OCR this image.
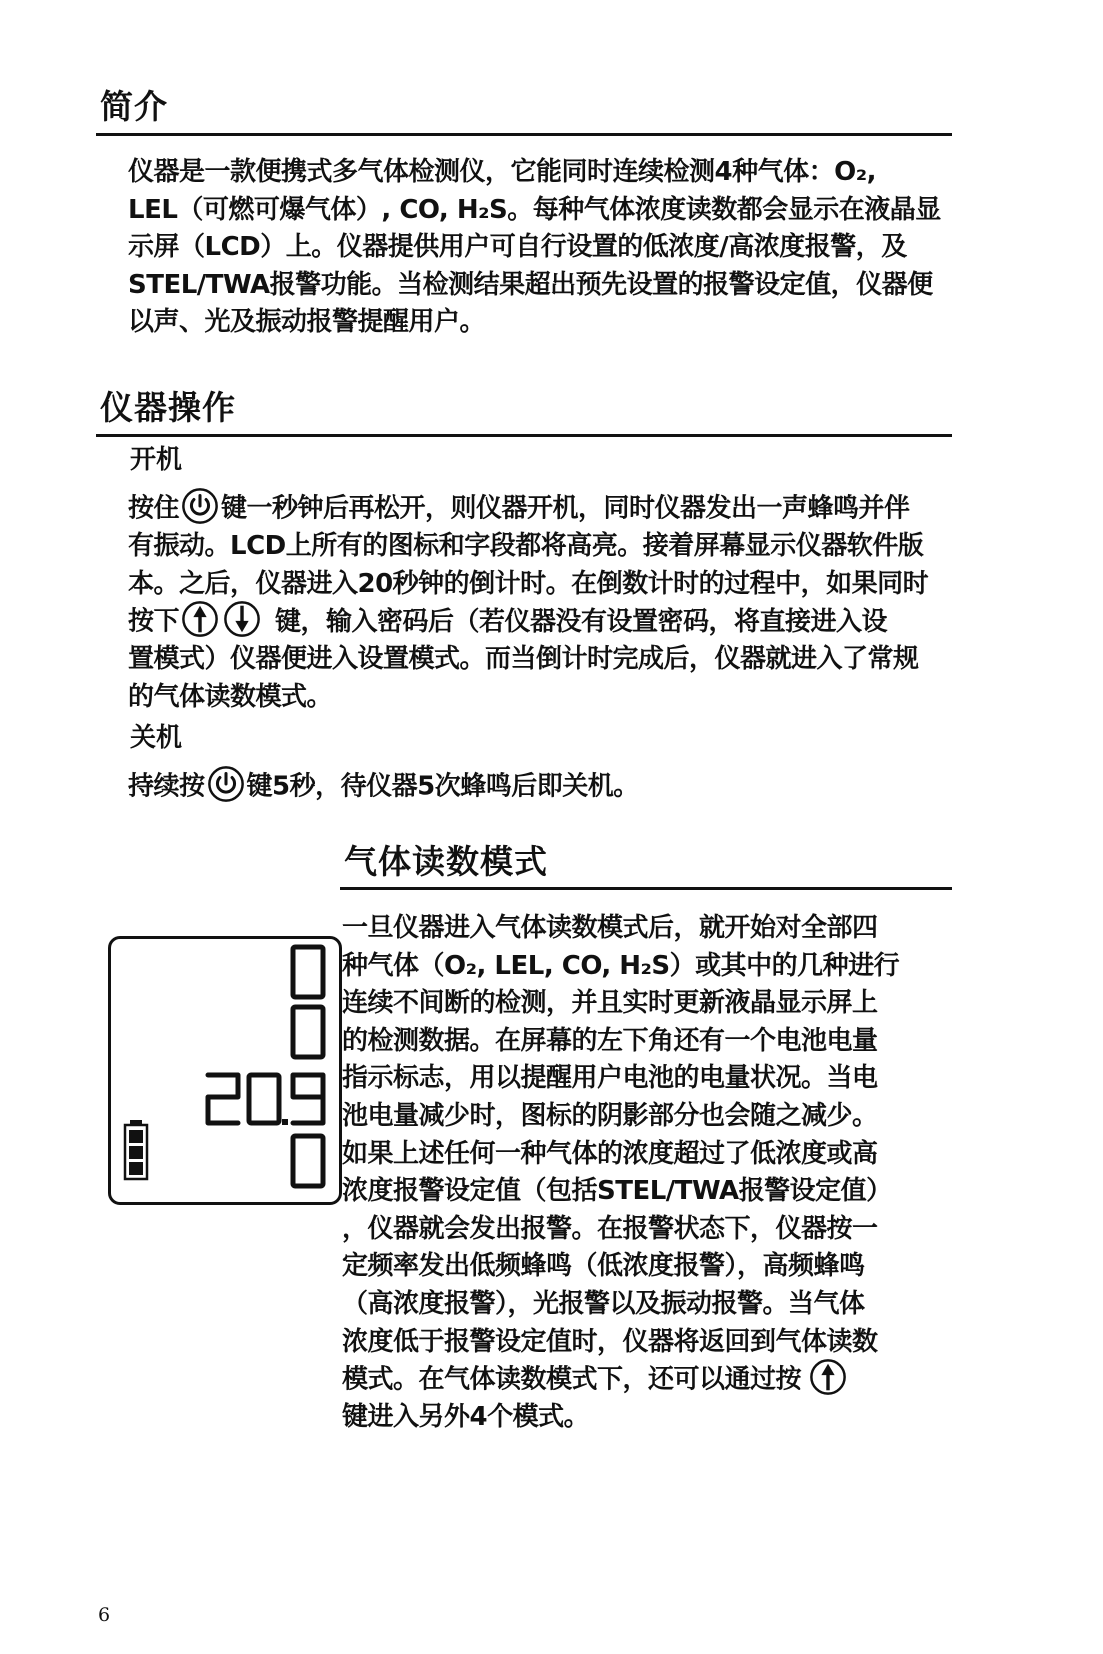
简介

仪器是一款便携式多气体检测仪，它能同时连续检测4种气体：O₂,

LEL（可燃可爆气体）, CO, H₂S。每种气体浓度读数都会显示在液晶显

示屏（LCD）上。仪器提供用户可自行设置的低浓度/高浓度报警，及

STEL/TWA报警功能。当检测结果超出预先设置的报警设定值，仪器便

以声、光及振动报警提醒用户。

仪器操作
开机

按住 键一秒钟后再松开，则仪器开机，同时仪器发出一声蜂鸣并伴

有振动。LCD上所有的图标和字段都将高亮。接着屏幕显示仪器软件版

本。之后，仪器进入20秒钟的倒计时。在倒数计时的过程中，如果同时

按下	键，输入密码后（若仪器没有设置密码，将直接进入设

置模式）仪器便进入设置模式。而当倒计时完成后，仪器就进入了常规

的气体读数模式。

关机

持续按 键5秒，待仪器5次蜂鸣后即关机。

气体读数模式

一旦仪器进入气体读数模式后，就开始对全部四

种气体（O₂, LEL, CO, H₂S）或其中的几种进行

连续不间断的检测，并且实时更新液晶显示屏上

的检测数据。在屏幕的左下角还有一个电池电量

指示标志，用以提醒用户电池的电量状况。当电

池电量减少时，图标的阴影部分也会随之减少。

如果上述任何一种气体的浓度超过了低浓度或高

浓度报警设定值（包括STEL/TWA报警设定值）

，仪器就会发出报警。在报警状态下，仪器按一

定频率发出低频蜂鸣（低浓度报警），高频蜂鸣

（高浓度报警），光报警以及振动报警。当气体

浓度低于报警设定值时，仪器将返回到气体读数

模式。在气体读数模式下，还可以通过按

键进入另外4个模式。

6
